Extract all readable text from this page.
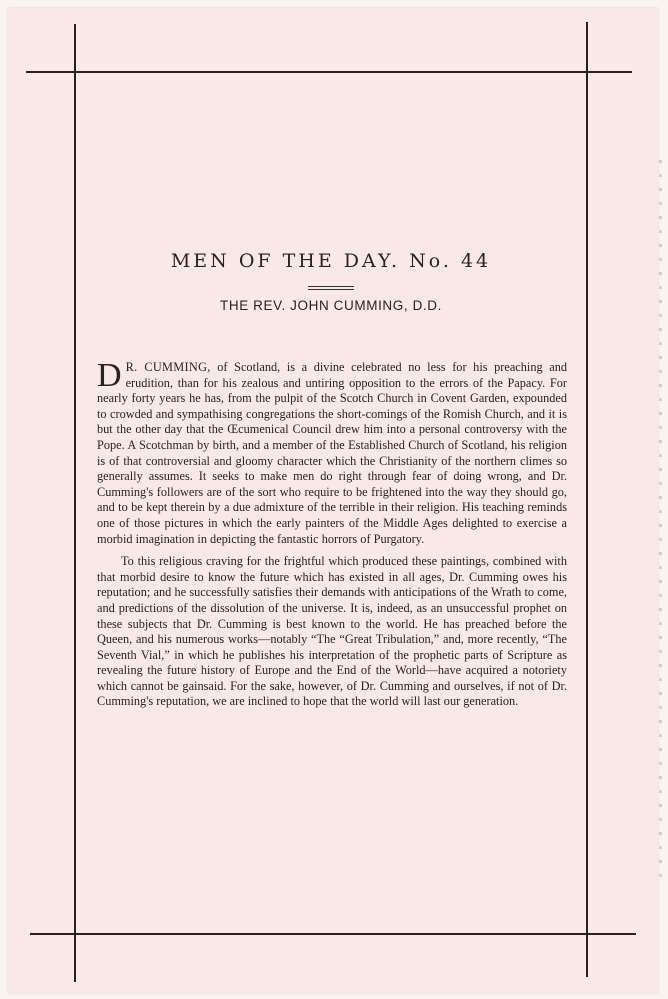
MEN OF THE DAY. No. 44
THE REV. JOHN CUMMING, D.D.

D R. CUMMING, of Scotland, is a divine celebrated no less for his preaching and erudition, than for his zealous and untiring opposition to the errors of the Papacy. For nearly forty years he has, from the pulpit of the Scotch Church in Covent Garden, expounded to crowded and sympathising congregations the short-comings of the Romish Church, and it is but the other day that the Œcumenical Council drew him into a personal controversy with the Pope. A Scotchman by birth, and a member of the Established Church of Scotland, his religion is of that controversial and gloomy character which the Christianity of the northern climes so generally assumes. It seeks to make men do right through fear of doing wrong, and Dr. Cumming's followers are of the sort who require to be frightened into the way they should go, and to be kept therein by a due admixture of the terrible in their religion. His teaching reminds one of those pictures in which the early painters of the Middle Ages delighted to exercise a morbid imagination in depicting the fantastic horrors of Purgatory.

To this religious craving for the frightful which produced these paintings, combined with that morbid desire to know the future which has existed in all ages, Dr. Cumming owes his reputation; and he successfully satisfies their demands with anticipations of the Wrath to come, and predictions of the dissolution of the universe. It is, indeed, as an unsuccessful prophet on these subjects that Dr. Cumming is best known to the world. He has preached before the Queen, and his numerous works—notably “The “Great Tribulation,” and, more recently, “The Seventh Vial,” in which he publishes his interpretation of the prophetic parts of Scripture as revealing the future history of Europe and the End of the World—have acquired a notoriety which cannot be gainsaid. For the sake, however, of Dr. Cumming and ourselves, if not of Dr. Cumming's reputation, we are inclined to hope that the world will last our generation.
